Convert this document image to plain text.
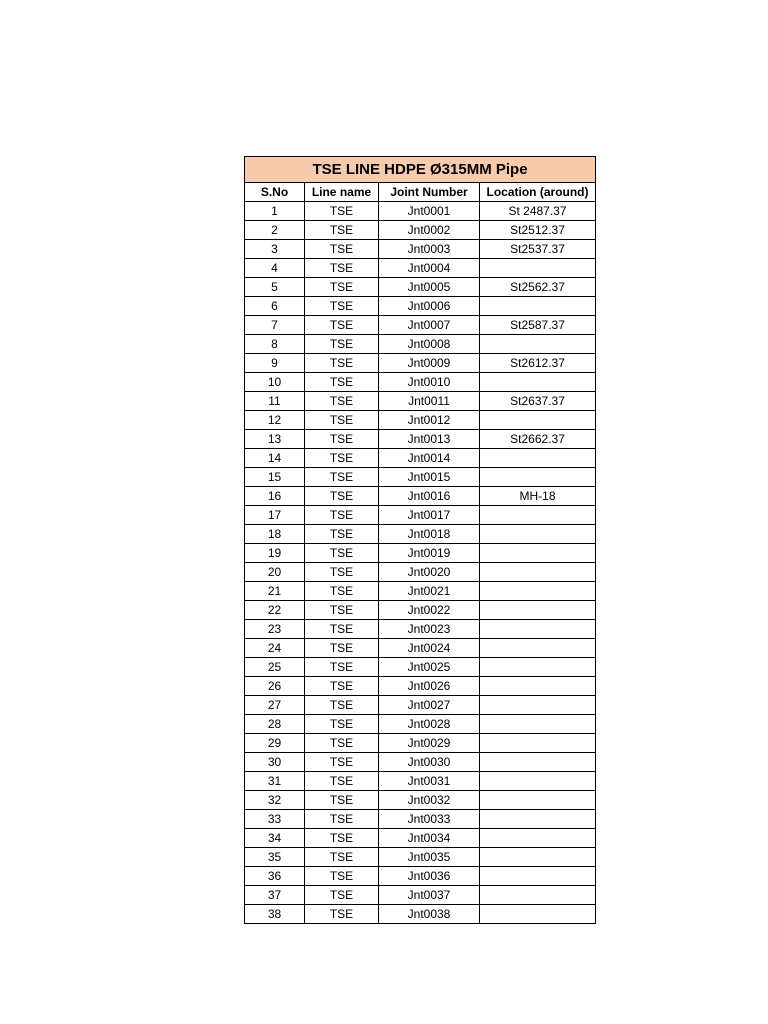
TSE LINE HDPE Ø315MM Pipe			
S.No	Line name	Joint Number	Location (around)
1	TSE	Jnt0001	St 2487.37
2	TSE	Jnt0002	St2512.37
3	TSE	Jnt0003	St2537.37
4	TSE	Jnt0004	
5	TSE	Jnt0005	St2562.37
6	TSE	Jnt0006	
7	TSE	Jnt0007	St2587.37
8	TSE	Jnt0008	
9	TSE	Jnt0009	St2612.37
10	TSE	Jnt0010	
11	TSE	Jnt0011	St2637.37
12	TSE	Jnt0012	
13	TSE	Jnt0013	St2662.37
14	TSE	Jnt0014	
15	TSE	Jnt0015	
16	TSE	Jnt0016	MH-18
17	TSE	Jnt0017	
18	TSE	Jnt0018	
19	TSE	Jnt0019	
20	TSE	Jnt0020	
21	TSE	Jnt0021	
22	TSE	Jnt0022	
23	TSE	Jnt0023	
24	TSE	Jnt0024	
25	TSE	Jnt0025	
26	TSE	Jnt0026	
27	TSE	Jnt0027	
28	TSE	Jnt0028	
29	TSE	Jnt0029	
30	TSE	Jnt0030	
31	TSE	Jnt0031	
32	TSE	Jnt0032	
33	TSE	Jnt0033	
34	TSE	Jnt0034	
35	TSE	Jnt0035	
36	TSE	Jnt0036	
37	TSE	Jnt0037	
38	TSE	Jnt0038	
